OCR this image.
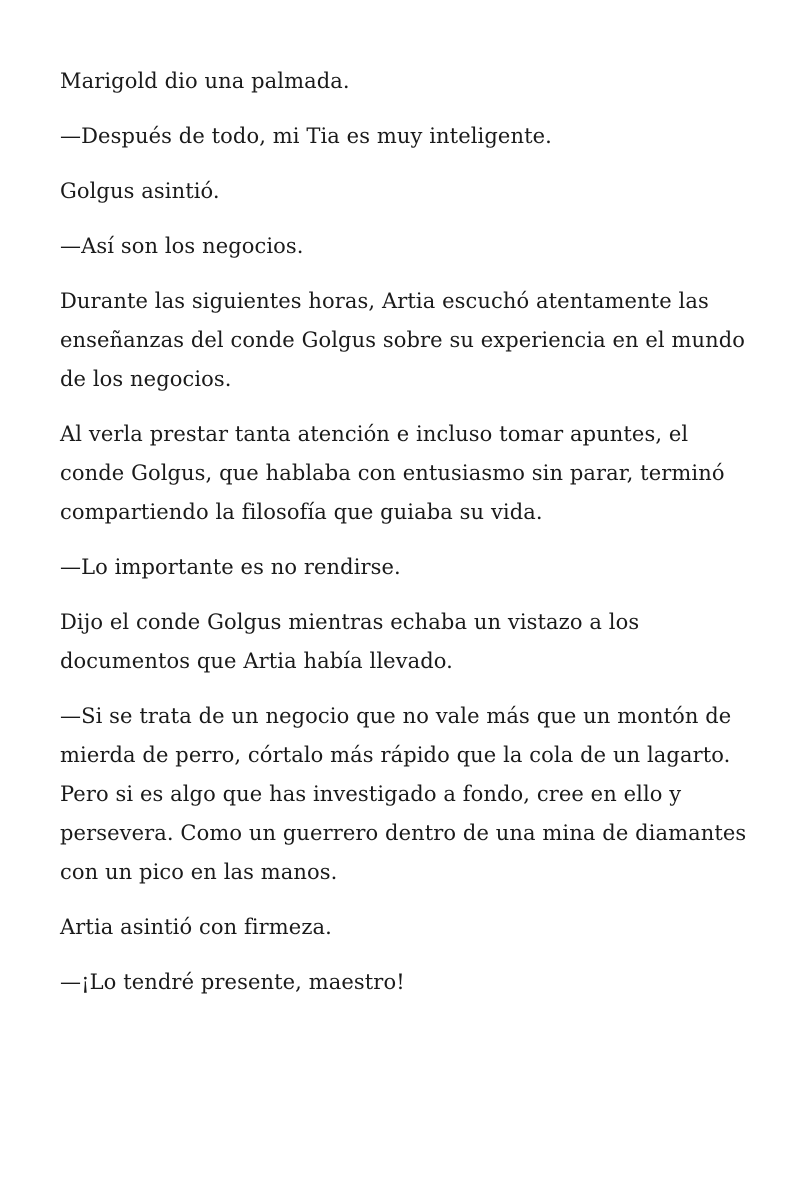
Marigold dio una palmada.

—Después de todo, mi Tia es muy inteligente.

Golgus asintió.

—Así son los negocios.

Durante las siguientes horas, Artia escuchó atentamente las enseñanzas del conde Golgus sobre su experiencia en el mundo de los negocios.

Al verla prestar tanta atención e incluso tomar apuntes, el conde Golgus, que hablaba con entusiasmo sin parar, terminó compartiendo la filosofía que guiaba su vida.

—Lo importante es no rendirse.

Dijo el conde Golgus mientras echaba un vistazo a los documentos que Artia había llevado.

—Si se trata de un negocio que no vale más que un montón de mierda de perro, córtalo más rápido que la cola de un lagarto. Pero si es algo que has investigado a fondo, cree en ello y persevera. Como un guerrero dentro de una mina de diamantes con un pico en las manos.

Artia asintió con firmeza.

—¡Lo tendré presente, maestro!
